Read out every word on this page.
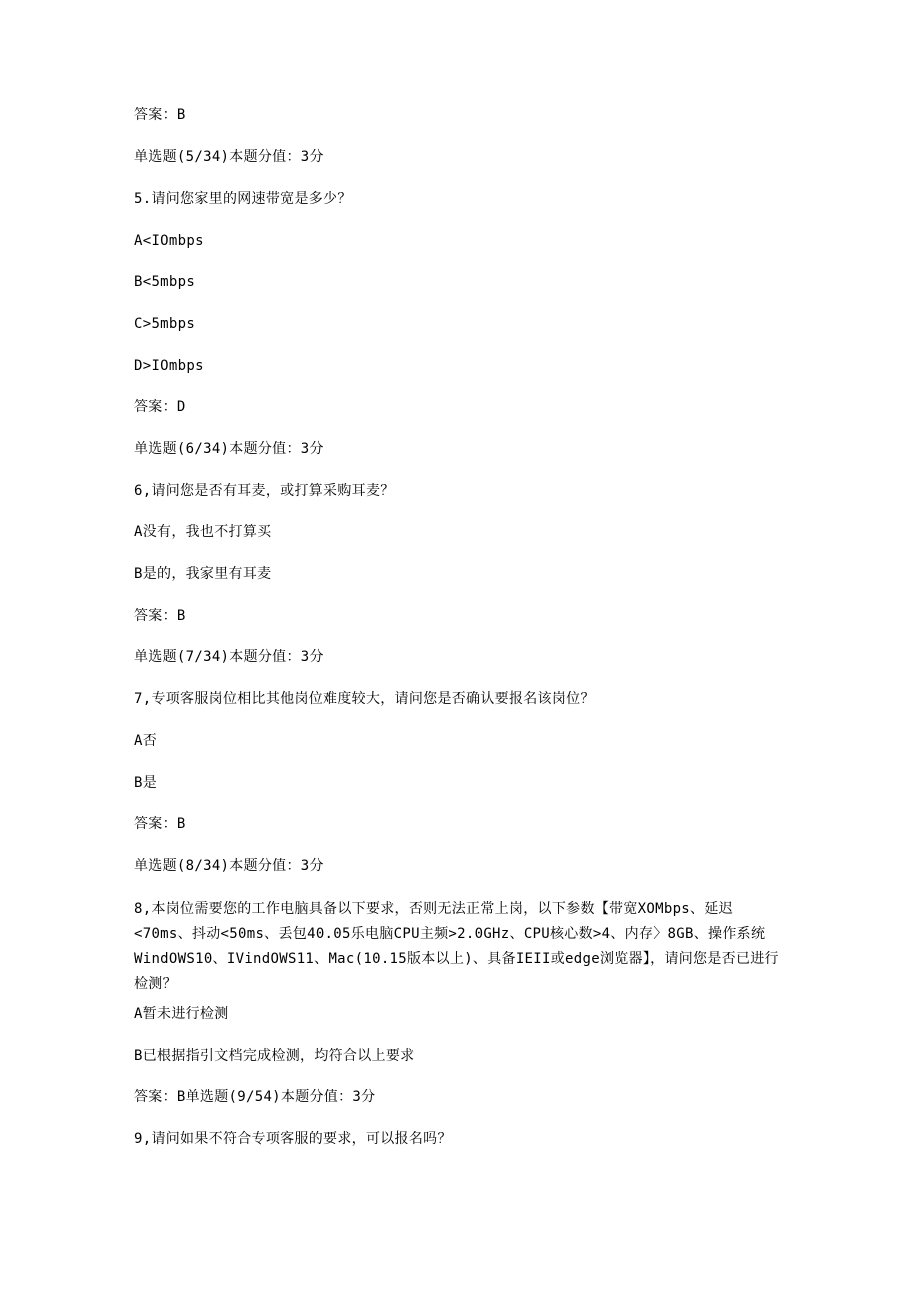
答案：B
单选题(5/34)本题分值：3分
5.请问您家里的网速带宽是多少？
A<IOmbps
B<5mbps
C>5mbps
D>IOmbps
答案：D
单选题(6/34)本题分值：3分
6,请问您是否有耳麦，或打算采购耳麦？
A没有，我也不打算买
B是的，我家里有耳麦
答案：B
单选题(7/34)本题分值：3分
7,专项客服岗位相比其他岗位难度较大，请问您是否确认要报名该岗位？
A否
B是
答案：B
单选题(8/34)本题分值：3分
8,本岗位需要您的工作电脑具备以下要求，否则无法正常上岗，以下参数【带宽XOMbps、延迟<70ms、抖动<50ms、丢包40.05乐电脑CPU主频>2.0GHz、CPU核心数>4、内存〉8GB、操作系统WindOWS10、IVindOWS11、Mac(10.15版本以上)、具备IEII或edge浏览器】，请问您是否已进行检测？
A暂未进行检测
B已根据指引文档完成检测，均符合以上要求
答案：B单选题(9/54)本题分值：3分
9,请问如果不符合专项客服的要求，可以报名吗？
